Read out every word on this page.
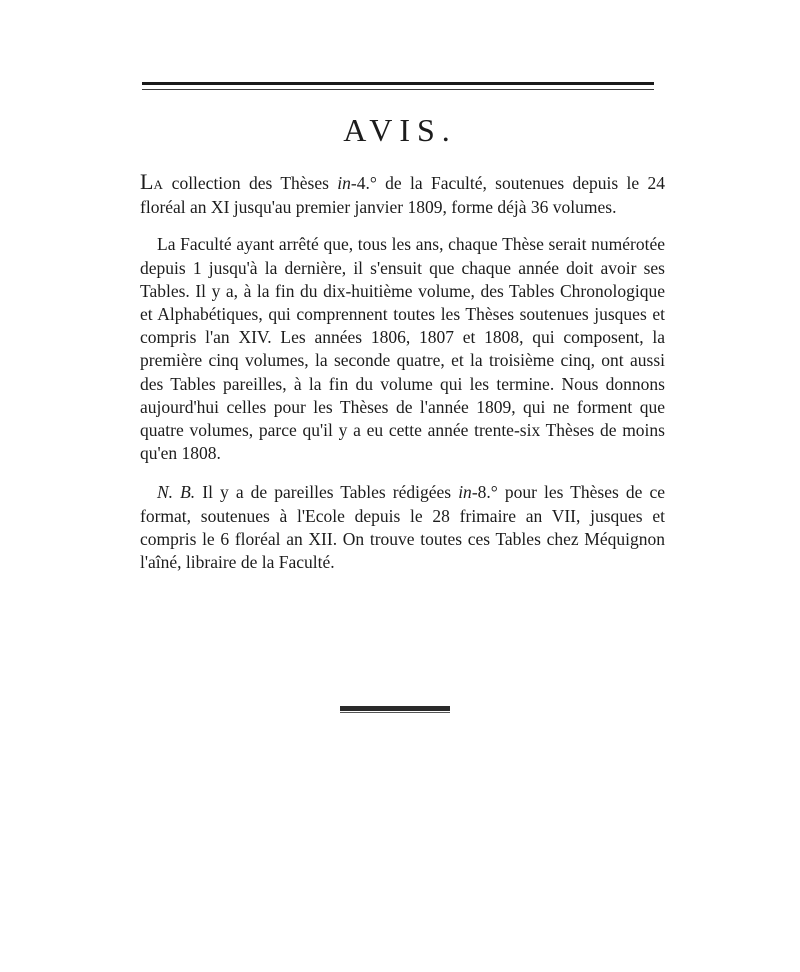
AVIS.

LA collection des Thèses in-4.° de la Faculté, soutenues depuis le 24 floréal an XI jusqu'au premier janvier 1809, forme déjà 36 volumes.

La Faculté ayant arrêté que, tous les ans, chaque Thèse serait numérotée depuis 1 jusqu'à la dernière, il s'ensuit que chaque année doit avoir ses Tables. Il y a, à la fin du dix-huitième volume, des Tables Chronologique et Alphabétiques, qui comprennent toutes les Thèses soutenues jusques et compris l'an XIV. Les années 1806, 1807 et 1808, qui composent, la première cinq volumes, la seconde quatre, et la troisième cinq, ont aussi des Tables pareilles, à la fin du volume qui les termine. Nous donnons aujourd'hui celles pour les Thèses de l'année 1809, qui ne forment que quatre volumes, parce qu'il y a eu cette année trente-six Thèses de moins qu'en 1808.

N. B. Il y a de pareilles Tables rédigées in-8.° pour les Thèses de ce format, soutenues à l'Ecole depuis le 28 frimaire an VII, jusques et compris le 6 floréal an XII. On trouve toutes ces Tables chez Méquignon l'aîné, libraire de la Faculté.
